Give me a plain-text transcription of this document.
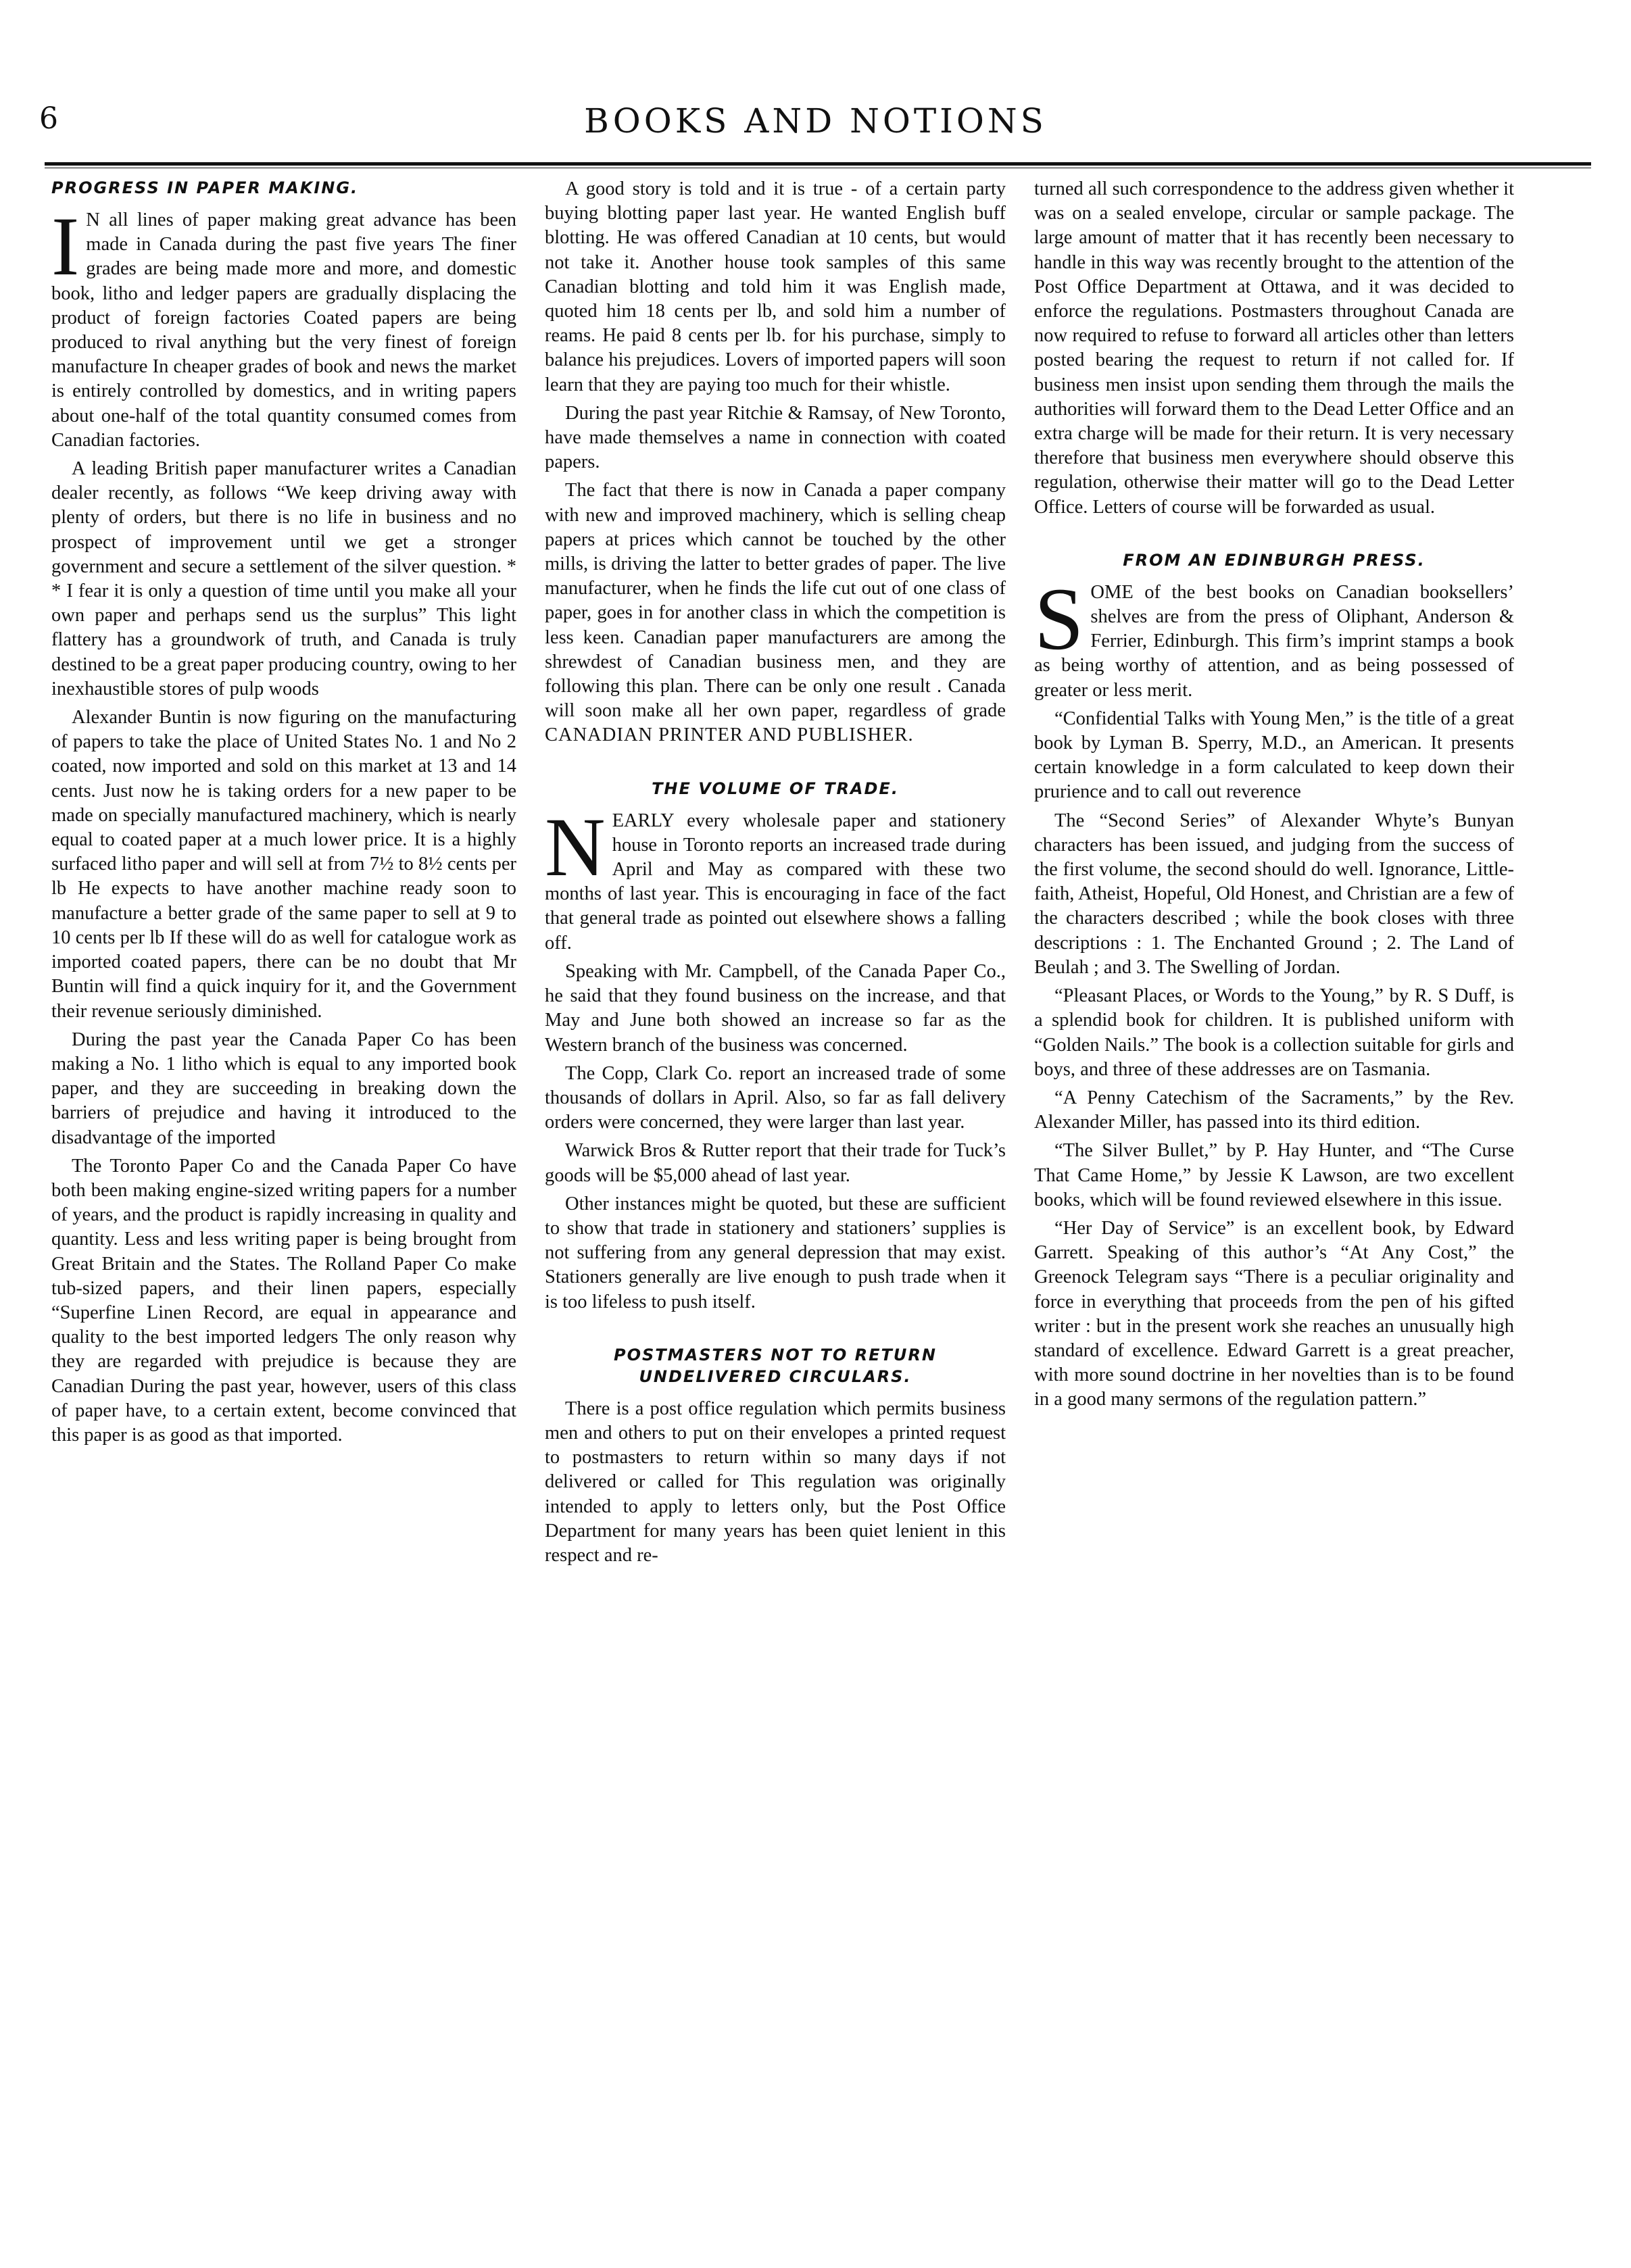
6	BOOKS AND NOTIONS
PROGRESS IN PAPER MAKING.

I N all lines of paper making great advance has been made in Canada during the past five years The finer grades are being made more and more, and domestic book, litho and ledger papers are gradually displacing the product of foreign factories Coated papers are being produced to rival anything but the very finest of foreign manufacture In cheaper grades of book and news the market is entirely controlled by domestics, and in writing papers about one-half of the total quantity consumed comes from Canadian factories.

A leading British paper manufacturer writes a Canadian dealer recently, as follows “We keep driving away with plenty of orders, but there is no life in business and no prospect of improvement until we get a stronger government and secure a settlement of the silver question. * * I fear it is only a question of time until you make all your own paper and perhaps send us the surplus” This light flattery has a groundwork of truth, and Canada is truly destined to be a great paper producing country, owing to her inexhaustible stores of pulp woods

Alexander Buntin is now figuring on the manufacturing of papers to take the place of United States No. 1 and No 2 coated, now imported and sold on this market at 13 and 14 cents. Just now he is taking orders for a new paper to be made on specially manufactured machinery, which is nearly equal to coated paper at a much lower price. It is a highly surfaced litho paper and will sell at from 7½ to 8½ cents per lb He expects to have another machine ready soon to manufacture a better grade of the same paper to sell at 9 to 10 cents per lb If these will do as well for catalogue work as imported coated papers, there can be no doubt that Mr Buntin will find a quick inquiry for it, and the Government their revenue seriously diminished.

During the past year the Canada Paper Co has been making a No. 1 litho which is equal to any imported book paper, and they are succeeding in breaking down the barriers of prejudice and having it introduced to the disadvantage of the imported

The Toronto Paper Co and the Canada Paper Co have both been making engine-sized writing papers for a number of years, and the product is rapidly increasing in quality and quantity. Less and less writing paper is being brought from Great Britain and the States. The Rolland Paper Co make tub-sized papers, and their linen papers, especially “Superfine Linen Record, are equal in appearance and quality to the best imported ledgers The only reason why they are regarded with prejudice is because they are Canadian During the past year, however, users of this class of paper have, to a certain extent, become convinced that this paper is as good as that imported.

A good story is told and it is true - of a certain party buying blotting paper last year. He wanted English buff blotting. He was offered Canadian at 10 cents, but would not take it. Another house took samples of this same Canadian blotting and told him it was English made, quoted him 18 cents per lb, and sold him a number of reams. He paid 8 cents per lb. for his purchase, simply to balance his prejudices. Lovers of imported papers will soon learn that they are paying too much for their whistle.

During the past year Ritchie & Ramsay, of New Toronto, have made themselves a name in connection with coated papers.

The fact that there is now in Canada a paper company with new and improved machinery, which is selling cheap papers at prices which cannot be touched by the other mills, is driving the latter to better grades of paper. The live manufacturer, when he finds the life cut out of one class of paper, goes in for another class in which the competition is less keen. Canadian paper manufacturers are among the shrewdest of Canadian business men, and they are following this plan. There can be only one result . Canada will soon make all her own paper, regardless of grade CANADIAN PRINTER AND PUBLISHER.

THE VOLUME OF TRADE.

NEARLY every wholesale paper and stationery house in Toronto reports an increased trade during April and May as compared with these two months of last year. This is encouraging in face of the fact that general trade as pointed out elsewhere shows a falling off.

Speaking with Mr. Campbell, of the Canada Paper Co., he said that they found business on the increase, and that May and June both showed an increase so far as the Western branch of the business was concerned.

The Copp, Clark Co. report an increased trade of some thousands of dollars in April. Also, so far as fall delivery orders were concerned, they were larger than last year.

Warwick Bros & Rutter report that their trade for Tuck’s goods will be $5,000 ahead of last year.

Other instances might be quoted, but these are sufficient to show that trade in stationery and stationers’ supplies is not suffering from any general depression that may exist. Stationers generally are live enough to push trade when it is too lifeless to push itself.

POSTMASTERS NOT TO RETURN
UNDELIVERED CIRCULARS.

There is a post office regulation which permits business men and others to put on their envelopes a printed request to postmasters to return within so many days if not delivered or called for This regulation was originally intended to apply to letters only, but the Post Office Department for many years has been quiet lenient in this respect and re-

turned all such correspondence to the address given whether it was on a sealed envelope, circular or sample package. The large amount of matter that it has recently been necessary to handle in this way was recently brought to the attention of the Post Office Department at Ottawa, and it was decided to enforce the regulations. Postmasters throughout Canada are now required to refuse to forward all articles other than letters posted bearing the request to return if not called for. If business men insist upon sending them through the mails the authorities will forward them to the Dead Letter Office and an extra charge will be made for their return. It is very necessary therefore that business men everywhere should observe this regulation, otherwise their matter will go to the Dead Letter Office. Letters of course will be forwarded as usual.

FROM AN EDINBURGH PRESS.

SOME of the best books on Canadian booksellers’ shelves are from the press of Oliphant, Anderson & Ferrier, Edinburgh. This firm’s imprint stamps a book as being worthy of attention, and as being possessed of greater or less merit.

“Confidential Talks with Young Men,” is the title of a great book by Lyman B. Sperry, M.D., an American. It presents certain knowledge in a form calculated to keep down their prurience and to call out reverence

The “Second Series” of Alexander Whyte’s Bunyan characters has been issued, and judging from the success of the first volume, the second should do well. Ignorance, Little-faith, Atheist, Hopeful, Old Honest, and Christian are a few of the characters described ; while the book closes with three descriptions : 1. The Enchanted Ground ; 2. The Land of Beulah ; and 3. The Swelling of Jordan.

“Pleasant Places, or Words to the Young,” by R. S Duff, is a splendid book for children. It is published uniform with “Golden Nails.” The book is a collection suitable for girls and boys, and three of these addresses are on Tasmania.

“A Penny Catechism of the Sacraments,” by the Rev. Alexander Miller, has passed into its third edition.

“The Silver Bullet,” by P. Hay Hunter, and “The Curse That Came Home,” by Jessie K Lawson, are two excellent books, which will be found reviewed elsewhere in this issue.

“Her Day of Service” is an excellent book, by Edward Garrett. Speaking of this author’s “At Any Cost,” the Greenock Telegram says “There is a peculiar originality and force in everything that proceeds from the pen of his gifted writer : but in the present work she reaches an unusually high standard of excellence. Edward Garrett is a great preacher, with more sound doctrine in her novelties than is to be found in a good many sermons of the regulation pattern.”
